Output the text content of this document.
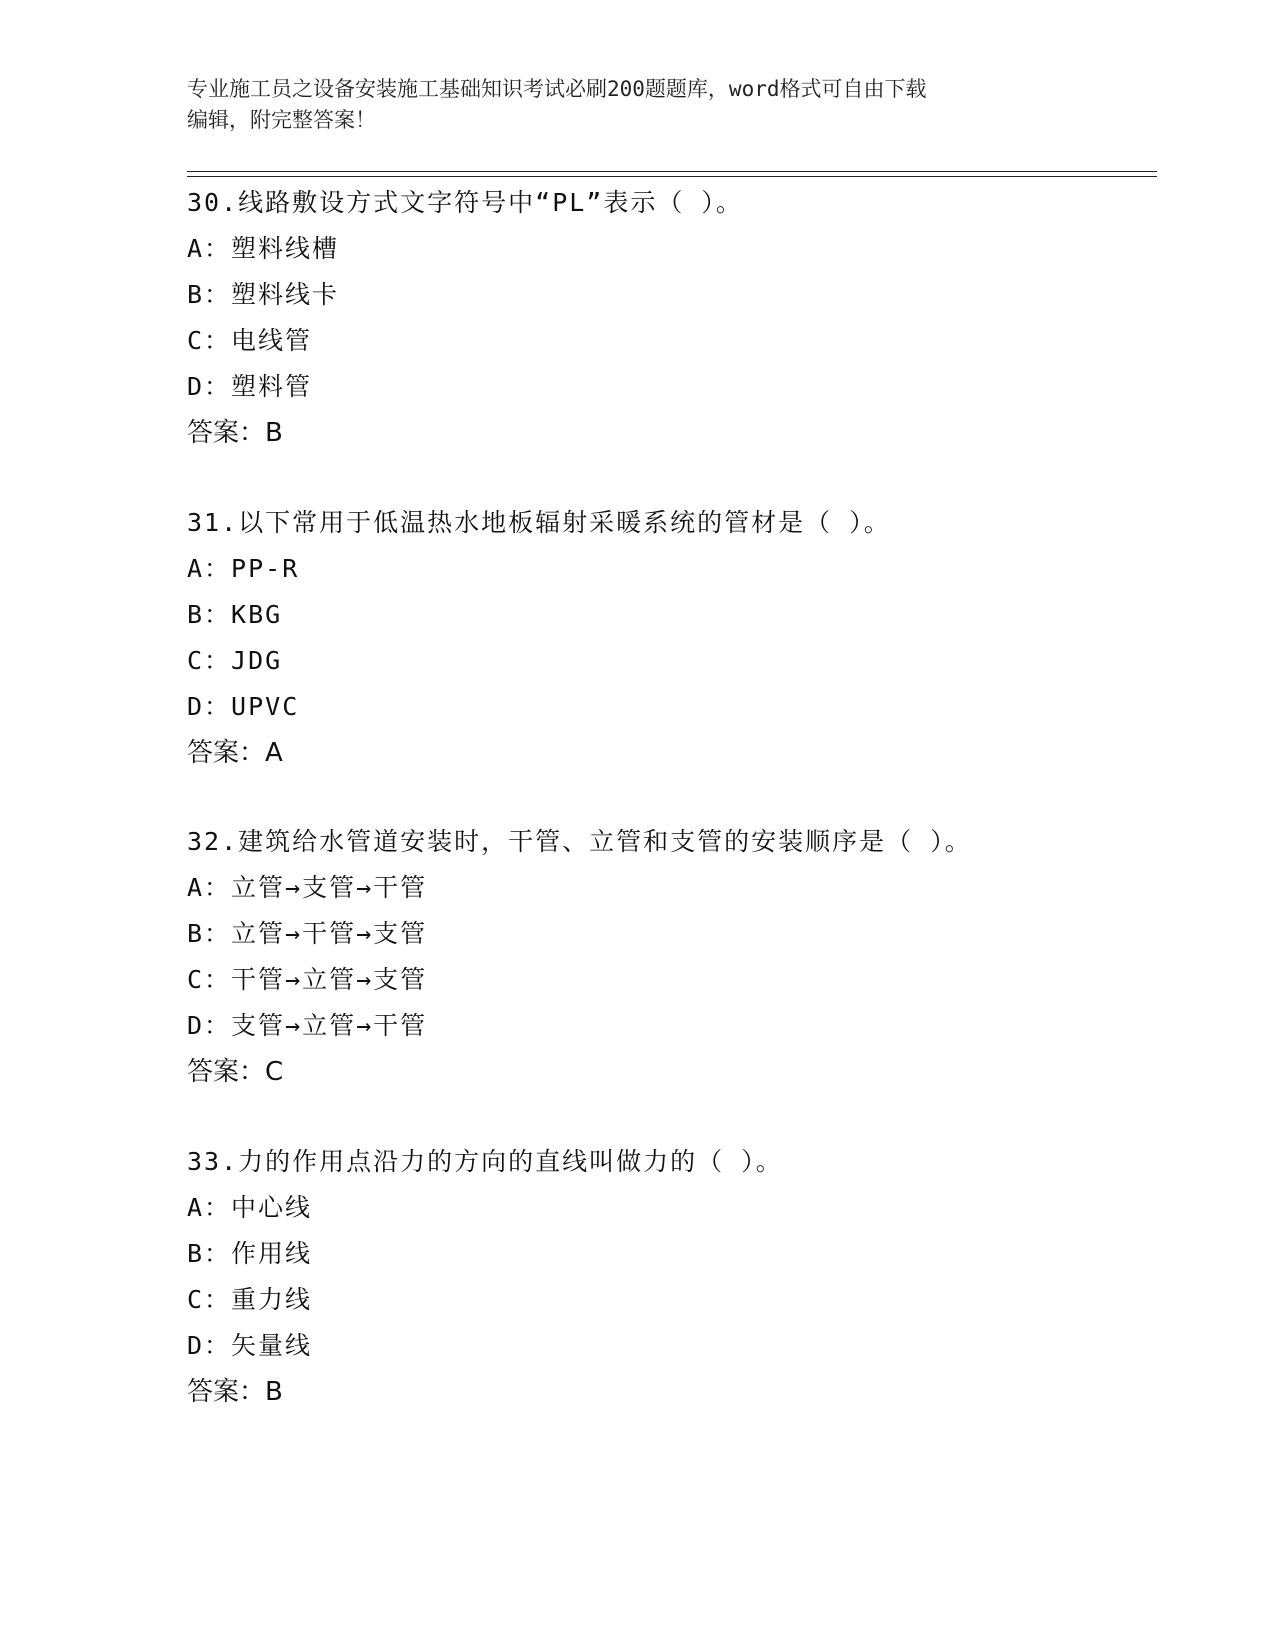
专业施工员之设备安装施工基础知识考试必刷200题题库，word格式可自由下载
编辑，附完整答案！
30.线路敷设方式文字符号中“PL”表示（ ）。
A：塑料线槽
B：塑料线卡
C：电线管
D：塑料管
答案：B
31.以下常用于低温热水地板辐射采暖系统的管材是（ ）。
A：PP-R
B：KBG
C：JDG
D：UPVC
答案：A
32.建筑给水管道安装时，干管、立管和支管的安装顺序是（ ）。
A：立管→支管→干管
B：立管→干管→支管
C：干管→立管→支管
D：支管→立管→干管
答案：C
33.力的作用点沿力的方向的直线叫做力的（ ）。
A：中心线
B：作用线
C：重力线
D：矢量线
答案：B
